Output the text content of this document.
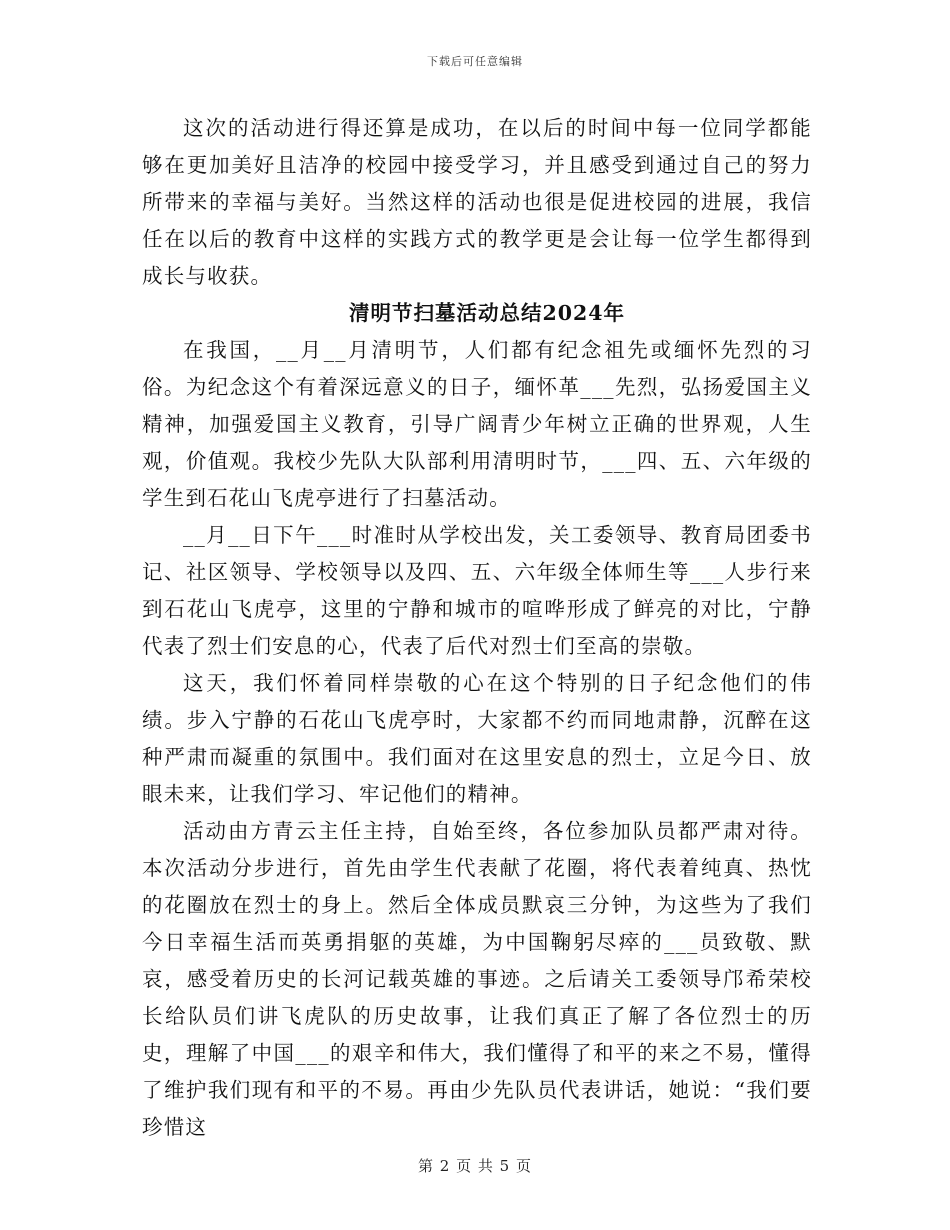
下载后可任意编辑

这次的活动进行得还算是成功，在以后的时间中每一位同学都能够在更加美好且洁净的校园中接受学习，并且感受到通过自己的努力所带来的幸福与美好。当然这样的活动也很是促进校园的进展，我信任在以后的教育中这样的实践方式的教学更是会让每一位学生都得到成长与收获。

清明节扫墓活动总结2024年

在我国，__月__月清明节，人们都有纪念祖先或缅怀先烈的习俗。为纪念这个有着深远意义的日子，缅怀革___先烈，弘扬爱国主义精神，加强爱国主义教育，引导广阔青少年树立正确的世界观，人生观，价值观。我校少先队大队部利用清明时节，___四、五、六年级的学生到石花山飞虎亭进行了扫墓活动。

__月__日下午___时准时从学校出发，关工委领导、教育局团委书记、社区领导、学校领导以及四、五、六年级全体师生等___人步行来到石花山飞虎亭，这里的宁静和城市的喧哗形成了鲜亮的对比，宁静代表了烈士们安息的心，代表了后代对烈士们至高的崇敬。

这天，我们怀着同样崇敬的心在这个特别的日子纪念他们的伟绩。步入宁静的石花山飞虎亭时，大家都不约而同地肃静，沉醉在这种严肃而凝重的氛围中。我们面对在这里安息的烈士，立足今日、放眼未来，让我们学习、牢记他们的精神。

活动由方青云主任主持，自始至终，各位参加队员都严肃对待。本次活动分步进行，首先由学生代表献了花圈，将代表着纯真、热忱的花圈放在烈士的身上。然后全体成员默哀三分钟，为这些为了我们今日幸福生活而英勇捐躯的英雄，为中国鞠躬尽瘁的___员致敬、默哀，感受着历史的长河记载英雄的事迹。之后请关工委领导邝希荣校长给队员们讲飞虎队的历史故事，让我们真正了解了各位烈士的历史，理解了中国___的艰辛和伟大，我们懂得了和平的来之不易，懂得了维护我们现有和平的不易。再由少先队员代表讲话，她说：“我们要珍惜这

第 2 页 共 5 页
